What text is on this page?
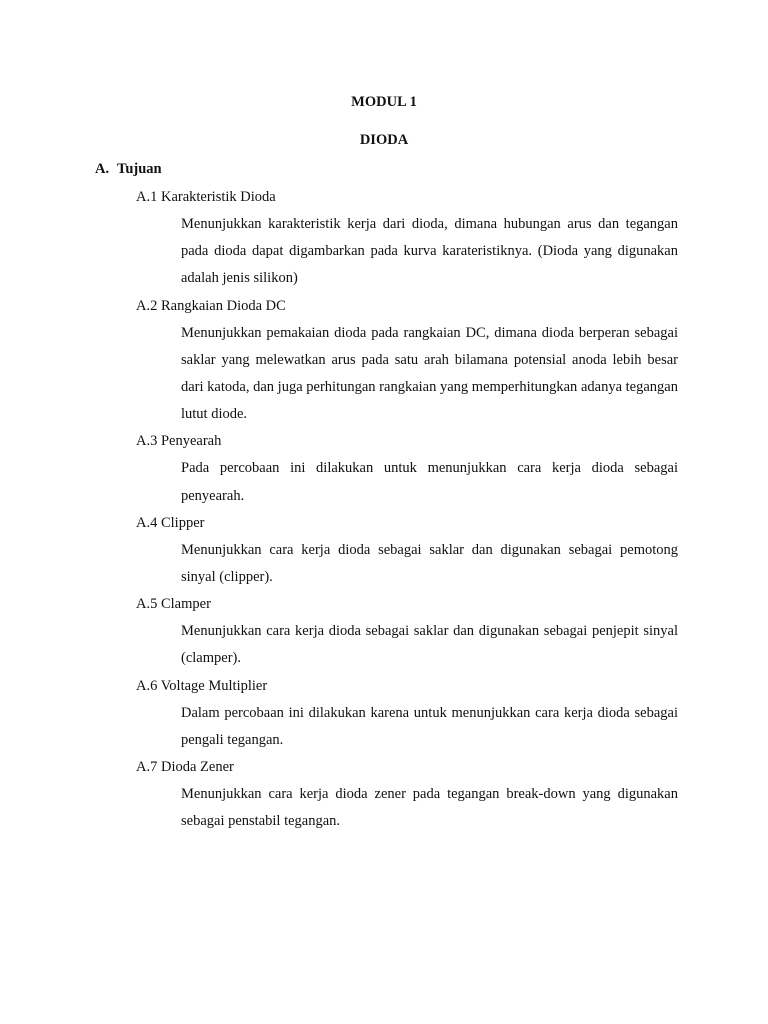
MODUL 1
DIODA
A. Tujuan
A.1 Karakteristik Dioda
Menunjukkan karakteristik kerja dari dioda, dimana hubungan arus dan tegangan pada dioda dapat digambarkan pada kurva karateristiknya. (Dioda yang digunakan adalah jenis silikon)
A.2 Rangkaian Dioda DC
Menunjukkan pemakaian dioda pada rangkaian DC, dimana dioda berperan sebagai saklar yang melewatkan arus pada satu arah bilamana potensial anoda lebih besar dari katoda, dan juga perhitungan rangkaian yang memperhitungkan adanya tegangan lutut diode.
A.3 Penyearah
Pada percobaan ini dilakukan untuk menunjukkan cara kerja dioda sebagai penyearah.
A.4 Clipper
Menunjukkan cara kerja dioda sebagai saklar dan digunakan sebagai pemotong sinyal (clipper).
A.5 Clamper
Menunjukkan cara kerja dioda sebagai saklar dan digunakan sebagai penjepit sinyal (clamper).
A.6 Voltage Multiplier
Dalam percobaan ini dilakukan karena untuk menunjukkan cara kerja dioda sebagai pengali tegangan.
A.7 Dioda Zener
Menunjukkan cara kerja dioda zener pada tegangan break-down yang digunakan sebagai penstabil tegangan.
